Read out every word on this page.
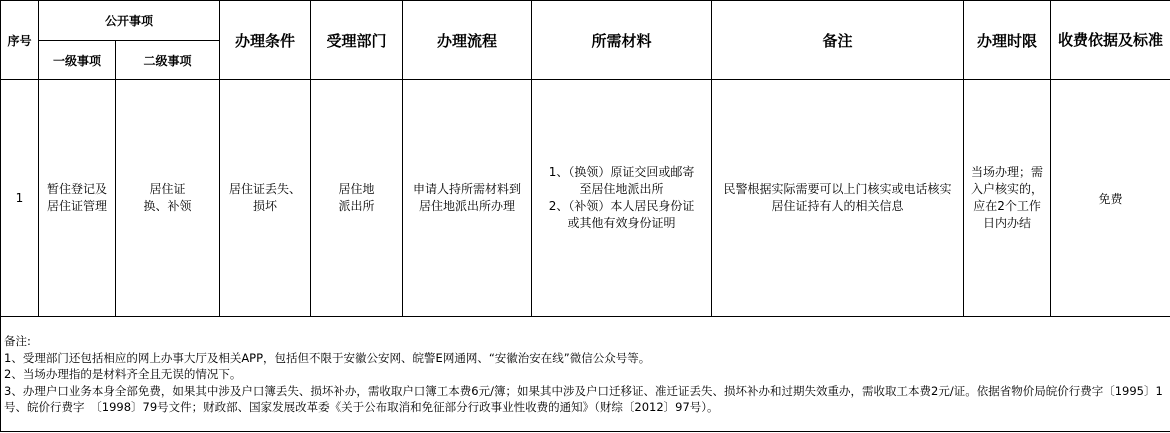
序号	公开事项		办理条件	受理部门	办理流程	所需材料	备注	办理时限	收费依据及标准
	一级事项	二级事项							
1	暂住登记及
居住证管理	居住证
换、补领	居住证丢失、
损坏	居住地
派出所	申请人持所需材料到
居住地派出所办理	1、（换领）原证交回或邮寄
至居住地派出所
2、（补领）本人居民身份证
或其他有效身份证明	民警根据实际需要可以上门核实或电话核实
居住证持有人的相关信息	当场办理；需
入户核实的，
应在2个工作
日内办结	免费

备注:
1、受理部门还包括相应的网上办事大厅及相关APP，包括但不限于安徽公安网、皖警E网通网、“安徽治安在线”微信公众号等。
2、当场办理指的是材料齐全且无误的情况下。
3、办理户口业务本身全部免费，如果其中涉及户口簿丢失、损坏补办，需收取户口簿工本费6元/簿；如果其中涉及户口迁移证、准迁证丢失、损坏补办和过期失效重办，需收取工本费2元/证。依据省物价局皖价行费字〔1995〕1号、皖价行费字　〔1998〕79号文件；财政部、国家发展改革委《关于公布取消和免征部分行政事业性收费的通知》（财综〔2012〕97号）。									
